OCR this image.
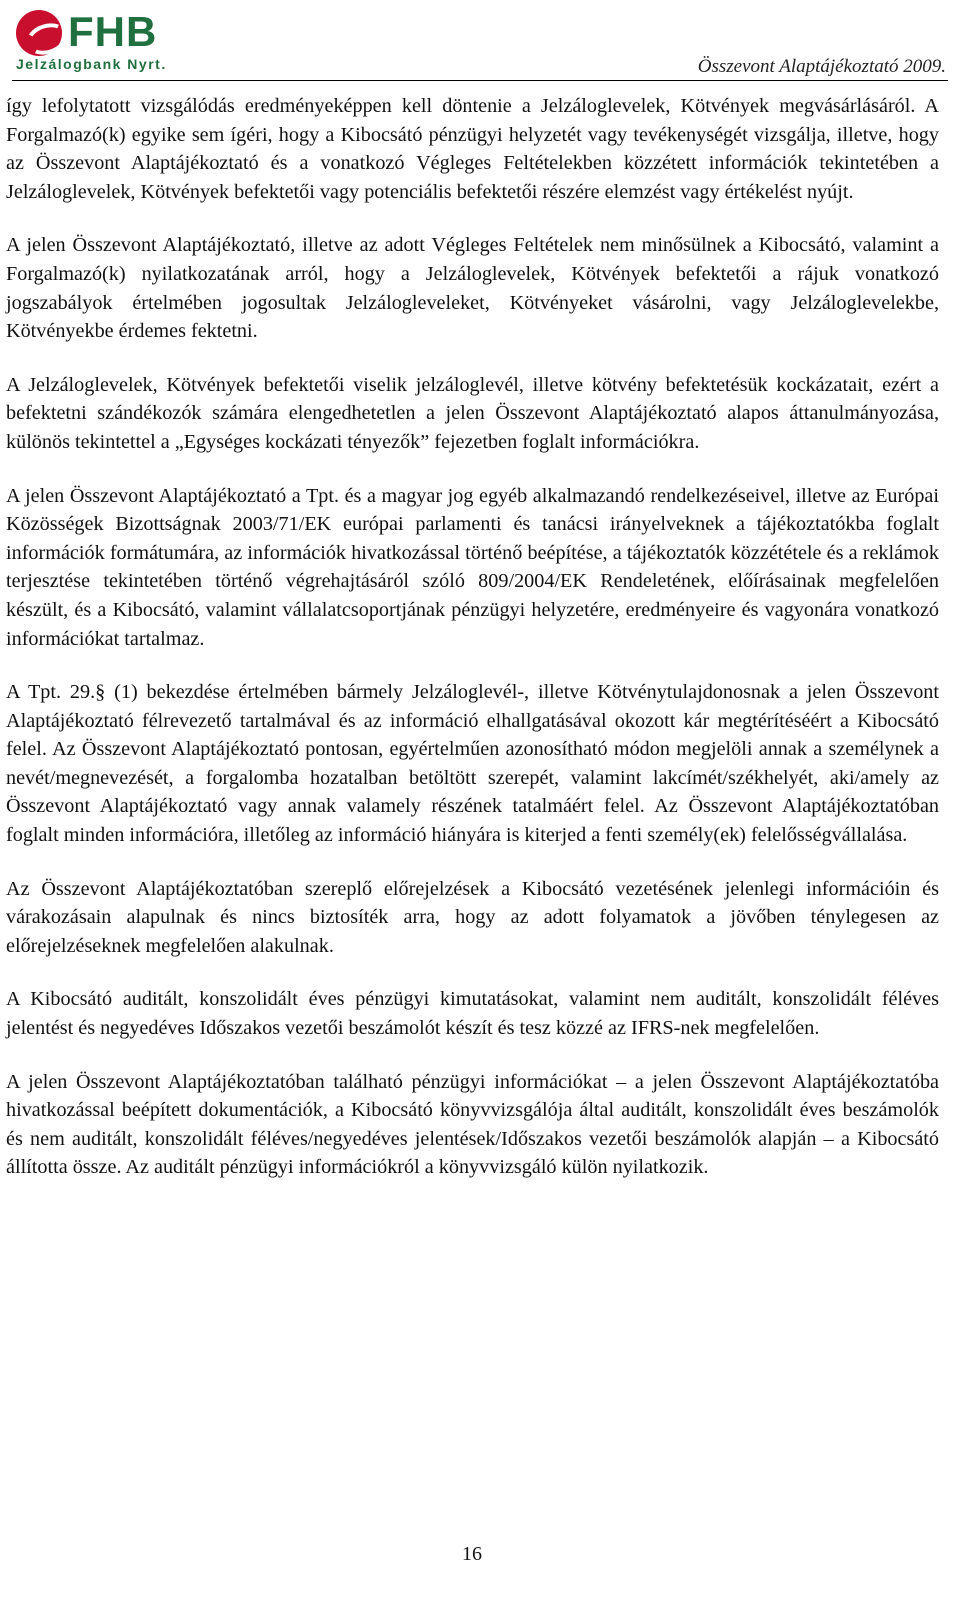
FHB
Jelzálogbank Nyrt.	Összevont Alaptájékoztató 2009.

így lefolytatott vizsgálódás eredményeképpen kell döntenie a Jelzáloglevelek, Kötvények megvásárlásáról. A Forgalmazó(k) egyike sem ígéri, hogy a Kibocsátó pénzügyi helyzetét vagy tevékenységét vizsgálja, illetve, hogy az Összevont Alaptájékoztató és a vonatkozó Végleges Feltételekben közzétett információk tekintetében a Jelzáloglevelek, Kötvények befektetői vagy potenciális befektetői részére elemzést vagy értékelést nyújt.

A jelen Összevont Alaptájékoztató, illetve az adott Végleges Feltételek nem minősülnek a Kibocsátó, valamint a Forgalmazó(k) nyilatkozatának arról, hogy a Jelzáloglevelek, Kötvények befektetői a rájuk vonatkozó jogszabályok értelmében jogosultak Jelzálogleveleket, Kötvényeket vásárolni, vagy Jelzáloglevelekbe, Kötvényekbe érdemes fektetni.

A Jelzáloglevelek, Kötvények befektetői viselik jelzáloglevél, illetve kötvény befektetésük kockázatait, ezért a befektetni szándékozók számára elengedhetetlen a jelen Összevont Alaptájékoztató alapos áttanulmányozása, különös tekintettel a „Egységes kockázati tényezők” fejezetben foglalt információkra.

A jelen Összevont Alaptájékoztató a Tpt. és a magyar jog egyéb alkalmazandó rendelkezéseivel, illetve az Európai Közösségek Bizottságnak 2003/71/EK európai parlamenti és tanácsi irányelveknek a tájékoztatókba foglalt információk formátumára, az információk hivatkozással történő beépítése, a tájékoztatók közzététele és a reklámok terjesztése tekintetében történő végrehajtásáról szóló 809/2004/EK Rendeletének, előírásainak megfelelően készült, és a Kibocsátó, valamint vállalatcsoportjának pénzügyi helyzetére, eredményeire és vagyonára vonatkozó információkat tartalmaz.

A Tpt. 29.§ (1) bekezdése értelmében bármely Jelzáloglevél-, illetve Kötvénytulajdonosnak a jelen Összevont Alaptájékoztató félrevezető tartalmával és az információ elhallgatásával okozott kár megtérítéséért a Kibocsátó felel. Az Összevont Alaptájékoztató pontosan, egyértelműen azonosítható módon megjelöli annak a személynek a nevét/megnevezését, a forgalomba hozatalban betöltött szerepét, valamint lakcímét/székhelyét, aki/amely az Összevont Alaptájékoztató vagy annak valamely részének tatalmáért felel. Az Összevont Alaptájékoztatóban foglalt minden információra, illetőleg az információ hiányára is kiterjed a fenti személy(ek) felelősségvállalása.

Az Összevont Alaptájékoztatóban szereplő előrejelzések a Kibocsátó vezetésének jelenlegi információin és várakozásain alapulnak és nincs biztosíték arra, hogy az adott folyamatok a jövőben ténylegesen az előrejelzéseknek megfelelően alakulnak.

A Kibocsátó auditált, konszolidált éves pénzügyi kimutatásokat, valamint nem auditált, konszolidált féléves jelentést és negyedéves Időszakos vezetői beszámolót készít és tesz közzé az IFRS-nek megfelelően.

A jelen Összevont Alaptájékoztatóban található pénzügyi információkat – a jelen Összevont Alaptájékoztatóba hivatkozással beépített dokumentációk, a Kibocsátó könyvvizsgálója által auditált, konszolidált éves beszámolók és nem auditált, konszolidált féléves/negyedéves jelentések/Időszakos vezetői beszámolók alapján – a Kibocsátó állította össze. Az auditált pénzügyi információkról a könyvvizsgáló külön nyilatkozik.

16
